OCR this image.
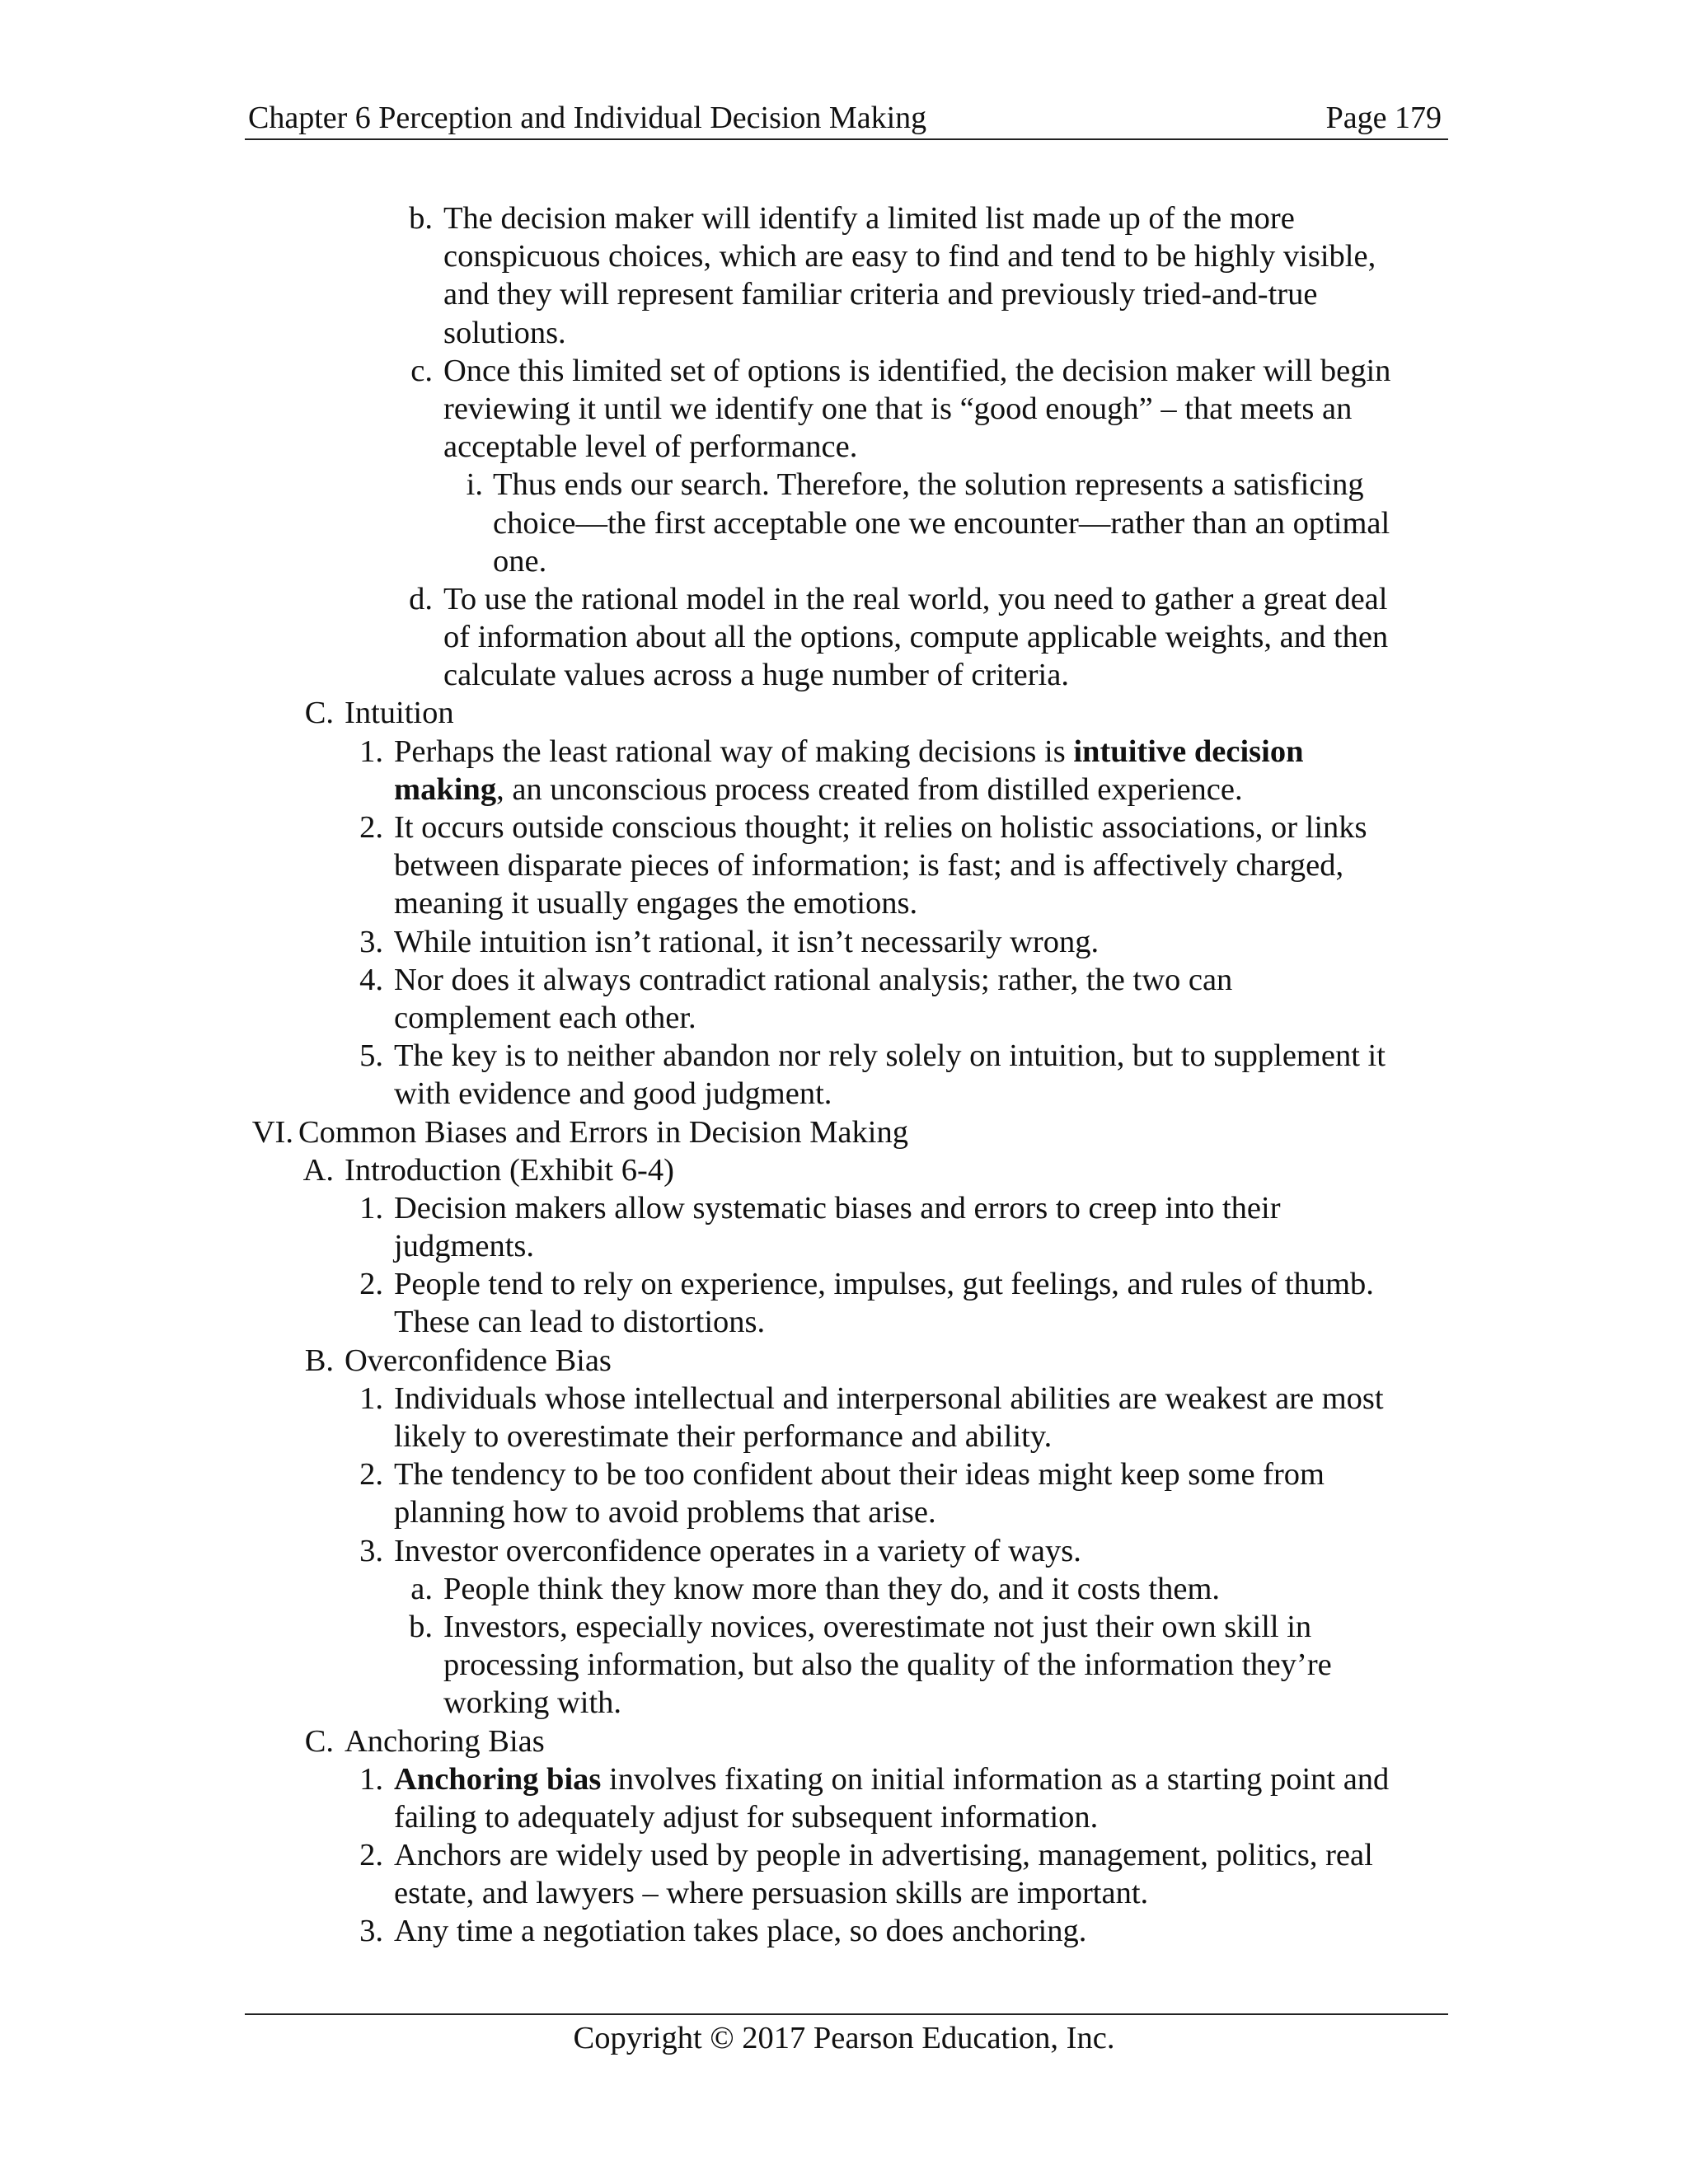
Chapter 6 Perception and Individual Decision Making	Page 179
b. The decision maker will identify a limited list made up of the more
conspicuous choices, which are easy to find and tend to be highly visible,
and they will represent familiar criteria and previously tried-and-true
solutions.
c. Once this limited set of options is identified, the decision maker will begin
reviewing it until we identify one that is “good enough” – that meets an
acceptable level of performance.
i. Thus ends our search. Therefore, the solution represents a satisficing
choice—the first acceptable one we encounter—rather than an optimal
one.
d. To use the rational model in the real world, you need to gather a great deal
of information about all the options, compute applicable weights, and then
calculate values across a huge number of criteria.
C. Intuition
1. Perhaps the least rational way of making decisions is intuitive decision
making, an unconscious process created from distilled experience.
2. It occurs outside conscious thought; it relies on holistic associations, or links
between disparate pieces of information; is fast; and is affectively charged,
meaning it usually engages the emotions.
3. While intuition isn’t rational, it isn’t necessarily wrong.
4. Nor does it always contradict rational analysis; rather, the two can
complement each other.
5. The key is to neither abandon nor rely solely on intuition, but to supplement it
with evidence and good judgment.
VI. Common Biases and Errors in Decision Making
A. Introduction (Exhibit 6-4)
1. Decision makers allow systematic biases and errors to creep into their
judgments.
2. People tend to rely on experience, impulses, gut feelings, and rules of thumb.
These can lead to distortions.
B. Overconfidence Bias
1. Individuals whose intellectual and interpersonal abilities are weakest are most
likely to overestimate their performance and ability.
2. The tendency to be too confident about their ideas might keep some from
planning how to avoid problems that arise.
3. Investor overconfidence operates in a variety of ways.
a. People think they know more than they do, and it costs them.
b. Investors, especially novices, overestimate not just their own skill in
processing information, but also the quality of the information they’re
working with.
C. Anchoring Bias
1. Anchoring bias involves fixating on initial information as a starting point and
failing to adequately adjust for subsequent information.
2. Anchors are widely used by people in advertising, management, politics, real
estate, and lawyers – where persuasion skills are important.
3. Any time a negotiation takes place, so does anchoring.
Copyright © 2017 Pearson Education, Inc.
